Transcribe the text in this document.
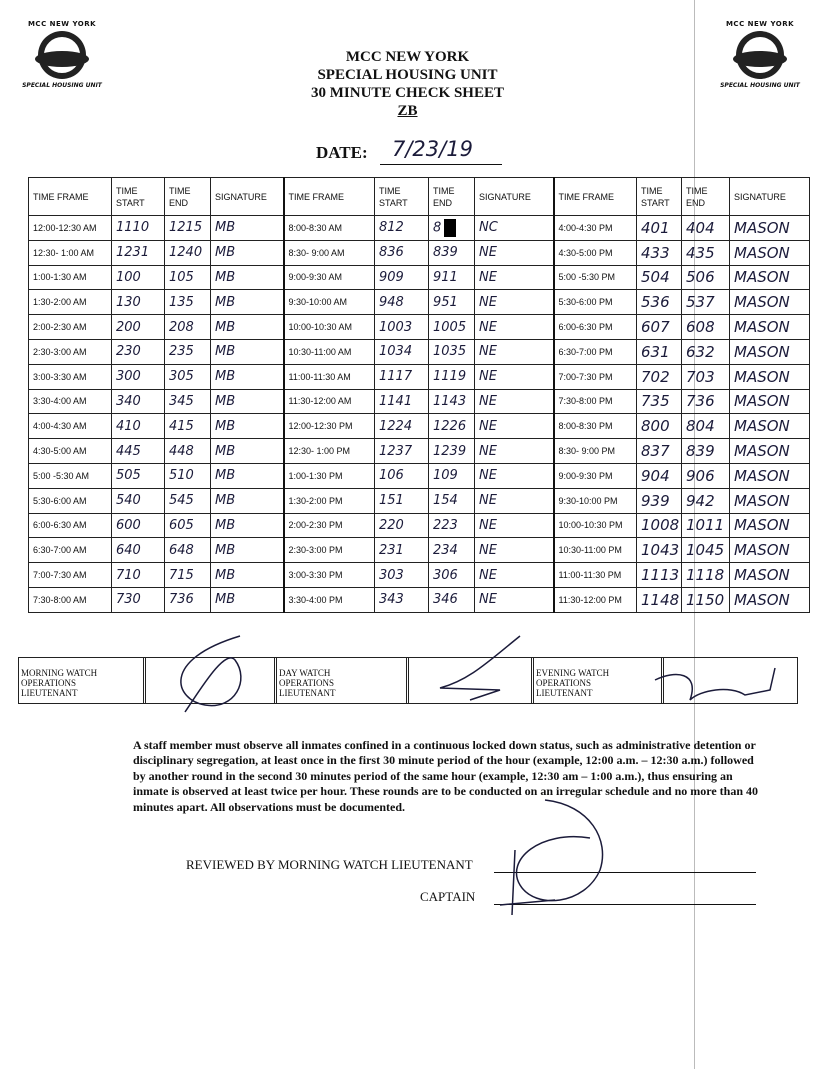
MCC NEW YORK
SPECIAL HOUSING UNIT
MCC NEW YORK
SPECIAL HOUSING UNIT
MCC NEW YORK
SPECIAL HOUSING UNIT
30 MINUTE CHECK SHEET
ZB
DATE: 7/23/19
TIME FRAME	TIME START	TIME END	SIGNATURE	TIME FRAME	TIME START	TIME END	SIGNATURE	TIME FRAME	TIME START	TIME END	SIGNATURE
12:00-12:30 AM	1110	1215	MB	8:00-8:30 AM	812	8	NC	4:00-4:30 PM	401	404	MASON
12:30- 1:00 AM	1231	1240	MB	8:30- 9:00 AM	836	839	NE	4:30-5:00 PM	433	435	MASON
1:00-1:30 AM	100	105	MB	9:00-9:30 AM	909	911	NE	5:00 -5:30 PM	504	506	MASON
1:30-2:00 AM	130	135	MB	9:30-10:00 AM	948	951	NE	5:30-6:00 PM	536	537	MASON
2:00-2:30 AM	200	208	MB	10:00-10:30 AM	1003	1005	NE	6:00-6:30 PM	607	608	MASON
2:30-3:00 AM	230	235	MB	10:30-11:00 AM	1034	1035	NE	6:30-7:00 PM	631	632	MASON
3:00-3:30 AM	300	305	MB	11:00-11:30 AM	1117	1119	NE	7:00-7:30 PM	702	703	MASON
3:30-4:00 AM	340	345	MB	11:30-12:00 AM	1141	1143	NE	7:30-8:00 PM	735	736	MASON
4:00-4:30 AM	410	415	MB	12:00-12:30 PM	1224	1226	NE	8:00-8:30 PM	800	804	MASON
4:30-5:00 AM	445	448	MB	12:30- 1:00 PM	1237	1239	NE	8:30- 9:00 PM	837	839	MASON
5:00 -5:30 AM	505	510	MB	1:00-1:30 PM	106	109	NE	9:00-9:30 PM	904	906	MASON
5:30-6:00 AM	540	545	MB	1:30-2:00 PM	151	154	NE	9:30-10:00 PM	939	942	MASON
6:00-6:30 AM	600	605	MB	2:00-2:30 PM	220	223	NE	10:00-10:30 PM	1008	1011	MASON
6:30-7:00 AM	640	648	MB	2:30-3:00 PM	231	234	NE	10:30-11:00 PM	1043	1045	MASON
7:00-7:30 AM	710	715	MB	3:00-3:30 PM	303	306	NE	11:00-11:30 PM	1113	1118	MASON
7:30-8:00 AM	730	736	MB	3:30-4:00 PM	343	346	NE	11:30-12:00 PM	1148	1150	MASON
MORNING WATCH
OPERATIONS
LIEUTENANT
DAY WATCH
OPERATIONS
LIEUTENANT
EVENING WATCH
OPERATIONS
LIEUTENANT
A staff member must observe all inmates confined in a continuous locked down status, such as administrative detention or disciplinary segregation, at least once in the first 30 minute period of the hour (example, 12:00 a.m. – 12:30 a.m.) followed by another round in the second 30 minutes period of the same hour (example, 12:30 am – 1:00 a.m.), thus ensuring an inmate is observed at least twice per hour. These rounds are to be conducted on an irregular schedule and no more than 40 minutes apart. All observations must be documented.
REVIEWED BY MORNING WATCH LIEUTENANT
CAPTAIN
